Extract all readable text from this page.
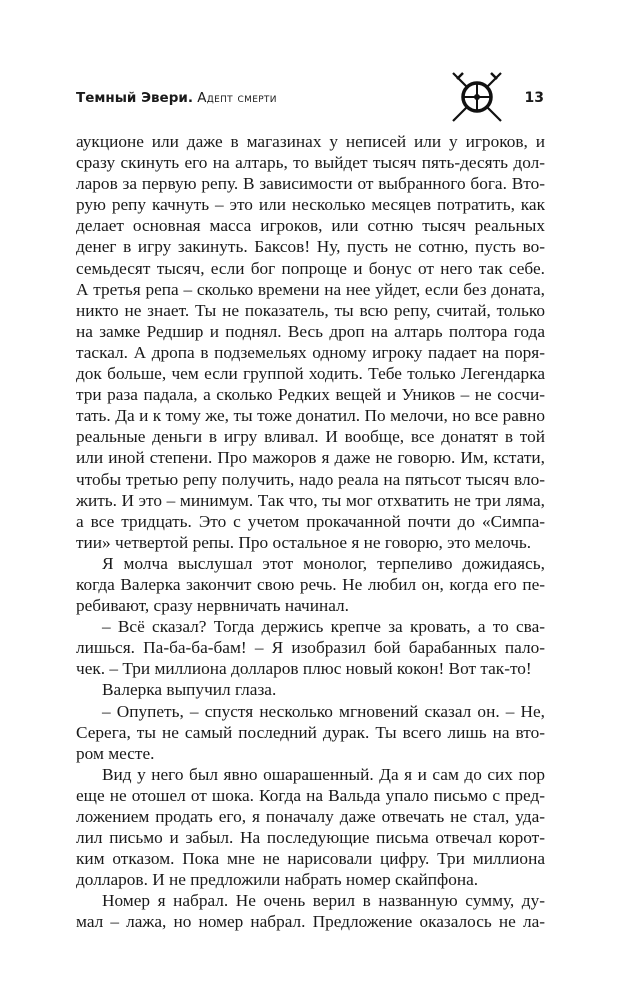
Темный Эвери. Адепт смерти	13
аукционе или даже в магазинах у неписей или у игроков, и
сразу скинуть его на алтарь, то выйдет тысяч пять-десять дол-
ларов за первую репу. В зависимости от выбранного бога. Вто-
рую репу качнуть – это или несколько месяцев потратить, как
делает основная масса игроков, или сотню тысяч реальных
денег в игру закинуть. Баксов! Ну, пусть не сотню, пусть во-
семьдесят тысяч, если бог попроще и бонус от него так себе.
А третья репа – сколько времени на нее уйдет, если без доната,
никто не знает. Ты не показатель, ты всю репу, считай, только
на замке Редшир и поднял. Весь дроп на алтарь полтора года
таскал. А дропа в подземельях одному игроку падает на поря-
док больше, чем если группой ходить. Тебе только Легендарка
три раза падала, а сколько Редких вещей и Уников – не сосчи-
тать. Да и к тому же, ты тоже донатил. По мелочи, но все равно
реальные деньги в игру вливал. И вообще, все донатят в той
или иной степени. Про мажоров я даже не говорю. Им, кстати,
чтобы третью репу получить, надо реала на пятьсот тысяч вло-
жить. И это – минимум. Так что, ты мог отхватить не три ляма,
а все тридцать. Это с учетом прокачанной почти до «Симпа-
тии» четвертой репы. Про остальное я не говорю, это мелочь.
Я молча выслушал этот монолог, терпеливо дожидаясь,
когда Валерка закончит свою речь. Не любил он, когда его пе-
ребивают, сразу нервничать начинал.
– Всё сказал? Тогда держись крепче за кровать, а то сва-
лишься. Па-ба-ба-бам! – Я изобразил бой барабанных пало-
чек. – Три миллиона долларов плюс новый кокон! Вот так-то!
Валерка выпучил глаза.
– Опупеть, – спустя несколько мгновений сказал он. – Не,
Серега, ты не самый последний дурак. Ты всего лишь на вто-
ром месте.
Вид у него был явно ошарашенный. Да я и сам до сих пор
еще не отошел от шока. Когда на Вальда упало письмо с пред-
ложением продать его, я поначалу даже отвечать не стал, уда-
лил письмо и забыл. На последующие письма отвечал корот-
ким отказом. Пока мне не нарисовали цифру. Три миллиона
долларов. И не предложили набрать номер скайпфона.
Номер я набрал. Не очень верил в названную сумму, ду-
мал – лажа, но номер набрал. Предложение оказалось не ла-
